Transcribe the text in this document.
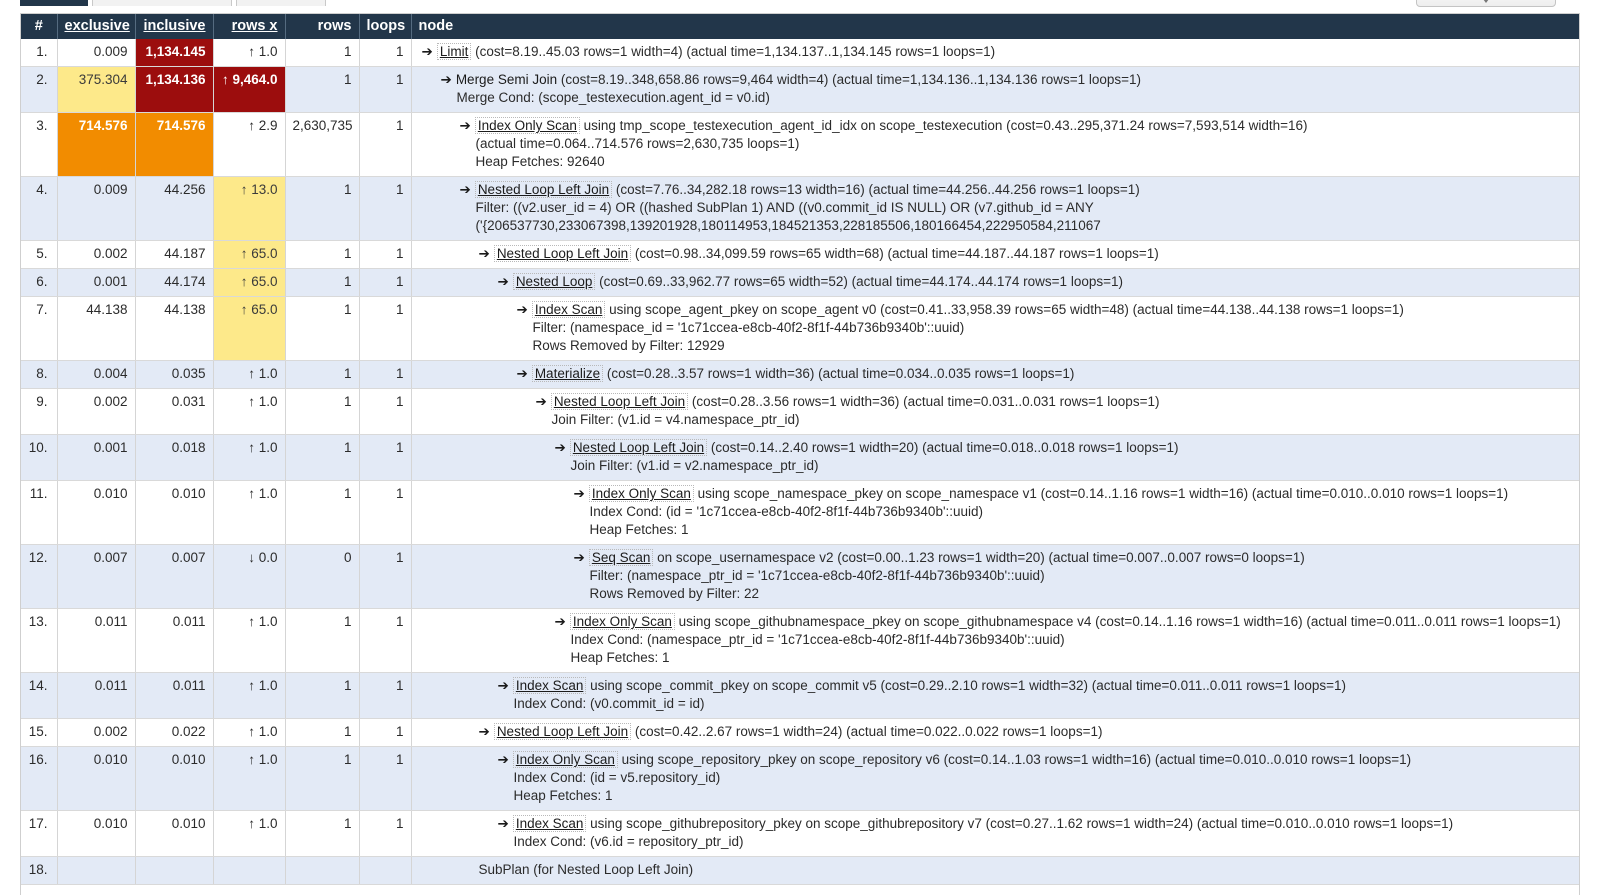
#	exclusive	inclusive	rows x	rows	loops	node
1.	0.009	1,134.145	↑ 1.0	1	1	➔ Limit (cost=8.19..45.03 rows=1 width=4) (actual time=1,134.137..1,134.145 rows=1 loops=1)

2.	375.304	1,134.136	↑ 9,464.0	1	1	➔ Merge Semi Join (cost=8.19..348,658.86 rows=9,464 width=4) (actual time=1,134.136..1,134.136 rows=1 loops=1)
Merge Cond: (scope_testexecution.agent_id = v0.id)

3.	714.576	714.576	↑ 2.9	2,630,735	1	➔ Index Only Scan using tmp_scope_testexecution_agent_id_idx on scope_testexecution (cost=0.43..295,371.24 rows=7,593,514 width=16)
(actual time=0.064..714.576 rows=2,630,735 loops=1)
Heap Fetches: 92640

4.	0.009	44.256	↑ 13.0	1	1	➔ Nested Loop Left Join (cost=7.76..34,282.18 rows=13 width=16) (actual time=44.256..44.256 rows=1 loops=1)
Filter: ((v2.user_id = 4) OR ((hashed SubPlan 1) AND ((v0.commit_id IS NULL) OR (v7.github_id = ANY
('{206537730,233067398,139201928,180114953,184521353,228185506,180166454,222950584,211067

5.	0.002	44.187	↑ 65.0	1	1	➔ Nested Loop Left Join (cost=0.98..34,099.59 rows=65 width=68) (actual time=44.187..44.187 rows=1 loops=1)

6.	0.001	44.174	↑ 65.0	1	1	➔ Nested Loop (cost=0.69..33,962.77 rows=65 width=52) (actual time=44.174..44.174 rows=1 loops=1)

7.	44.138	44.138	↑ 65.0	1	1	➔ Index Scan using scope_agent_pkey on scope_agent v0 (cost=0.41..33,958.39 rows=65 width=48) (actual time=44.138..44.138 rows=1 loops=1)
Filter: (namespace_id = '1c71ccea-e8cb-40f2-8f1f-44b736b9340b'::uuid)
Rows Removed by Filter: 12929

8.	0.004	0.035	↑ 1.0	1	1	➔ Materialize (cost=0.28..3.57 rows=1 width=36) (actual time=0.034..0.035 rows=1 loops=1)

9.	0.002	0.031	↑ 1.0	1	1	➔ Nested Loop Left Join (cost=0.28..3.56 rows=1 width=36) (actual time=0.031..0.031 rows=1 loops=1)
Join Filter: (v1.id = v4.namespace_ptr_id)

10.	0.001	0.018	↑ 1.0	1	1	➔ Nested Loop Left Join (cost=0.14..2.40 rows=1 width=20) (actual time=0.018..0.018 rows=1 loops=1)
Join Filter: (v1.id = v2.namespace_ptr_id)

11.	0.010	0.010	↑ 1.0	1	1	➔ Index Only Scan using scope_namespace_pkey on scope_namespace v1 (cost=0.14..1.16 rows=1 width=16) (actual time=0.010..0.010 rows=1 loops=1)
Index Cond: (id = '1c71ccea-e8cb-40f2-8f1f-44b736b9340b'::uuid)
Heap Fetches: 1

12.	0.007	0.007	↓ 0.0	0	1	➔ Seq Scan on scope_usernamespace v2 (cost=0.00..1.23 rows=1 width=20) (actual time=0.007..0.007 rows=0 loops=1)
Filter: (namespace_ptr_id = '1c71ccea-e8cb-40f2-8f1f-44b736b9340b'::uuid)
Rows Removed by Filter: 22

13.	0.011	0.011	↑ 1.0	1	1	➔ Index Only Scan using scope_githubnamespace_pkey on scope_githubnamespace v4 (cost=0.14..1.16 rows=1 width=16) (actual time=0.011..0.011 rows=1 loops=1)
Index Cond: (namespace_ptr_id = '1c71ccea-e8cb-40f2-8f1f-44b736b9340b'::uuid)
Heap Fetches: 1

14.	0.011	0.011	↑ 1.0	1	1	➔ Index Scan using scope_commit_pkey on scope_commit v5 (cost=0.29..2.10 rows=1 width=32) (actual time=0.011..0.011 rows=1 loops=1)
Index Cond: (v0.commit_id = id)

15.	0.002	0.022	↑ 1.0	1	1	➔ Nested Loop Left Join (cost=0.42..2.67 rows=1 width=24) (actual time=0.022..0.022 rows=1 loops=1)

16.	0.010	0.010	↑ 1.0	1	1	➔ Index Only Scan using scope_repository_pkey on scope_repository v6 (cost=0.14..1.03 rows=1 width=16) (actual time=0.010..0.010 rows=1 loops=1)
Index Cond: (id = v5.repository_id)
Heap Fetches: 1

17.	0.010	0.010	↑ 1.0	1	1	➔ Index Scan using scope_githubrepository_pkey on scope_githubrepository v7 (cost=0.27..1.62 rows=1 width=24) (actual time=0.010..0.010 rows=1 loops=1)
Index Cond: (v6.id = repository_ptr_id)

18.						SubPlan (for Nested Loop Left Join)
